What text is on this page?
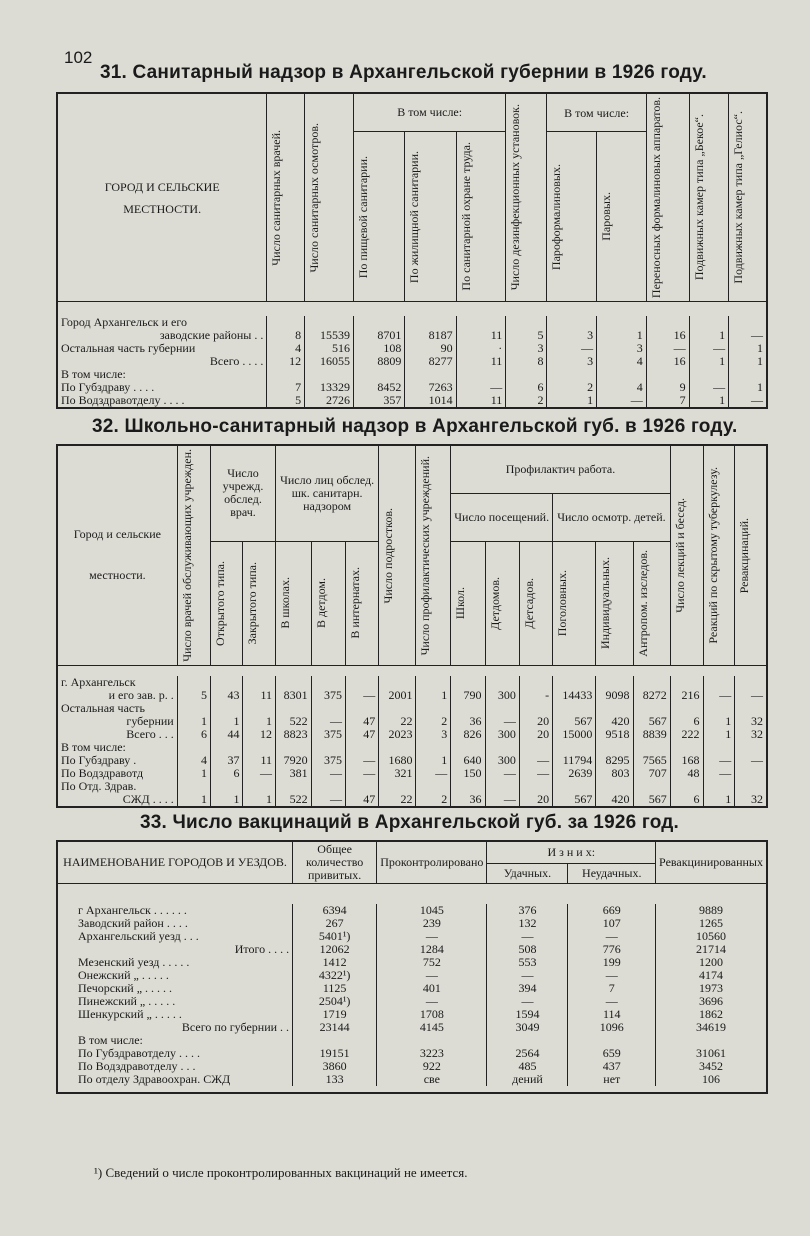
102
31. Санитарный надзор в Архангельской губернии в 1926 году.
ГОРОД И СЕЛЬСКИЕ МЕСТНОСТИ.	Число санитарных врачей.	Число санитарных осмотров.	В том числе:			Число дезинфекционных установок.	В том числе:		Переносных формалиновых аппаратов.	Подвижных камер типа „Бекое“.	Подвижных камер типа „Гелиос“.

			По пищевой санитарии.	По жилищной санитарии.	По санитарной охране труда.		Пароформалиновых.	Паровых.			

Город Архангельск и его
заводские районы . .	8	15539	8701	8187	11	5	3	1	16	1	—

Остальная часть губернии	4	516	108	90	·	3	—	3	—	—	1

Всего . . . .	12	16055	8809	8277	11	8	3	4	16	1	1

В том числе:											

По Губздраву . . . .	7	13329	8452	7263	—	6	2	4	9	—	1

По Водздравотделу . . . .	5	2726	357	1014	11	2	1	—	7	1	—
32. Школьно-санитарный надзор в Архангельской губ. в 1926 году.
Город и сельские
местности.	Число врачей обслуживающих учрежден.	Число учрежд. обслед. врач.		Число лиц обслед. шк. санитарн. надзором			Число подростков.	Число профилактических учреждений.	Профилактич работа.						Число лекций и бесед.	Реакций по скрытому туберкулезу.	Ревакцинаций.

									Число посещений.			Число осмотр. детей.					

		Открытого типа.	Закрытого типа.	В школах.	В детдом.	В интернатах.			Школ.	Детдомов.	Детсадов.	Поголовных.	Индивидуальных.	Антропом. изследов.			

г. Архангельск
и его зав. р. .	5	43	11	8301	375	—	2001	1	790	300	-	14433	9098	8272	216	—	—

Остальная часть
губернии	1	1	1	522	—	47	22	2	36	—	20	567	420	567	6	1	32

Всего . . .	6	44	12	8823	375	47	2023	3	826	300	20	15000	9518	8839	222	1	32

В том числе:																	

По Губздраву .	4	37	11	7920	375	—	1680	1	640	300	—	11794	8295	7565	168	—	—

По Водздравотд	1	6	—	381	—	—	321	—	150	—	—	2639	803	707	48	—	

По Отд. Здрав.
СЖД . . . .	1	1	1	522	—	47	22	2	36	—	20	567	420	567	6	1	32
33. Число вакцинаций в Архангельской губ. за 1926 год.
НАИМЕНОВАНИЕ ГОРОДОВ И УЕЗДОВ.	Общее количество привитых.	Проконтролировано	И з н и х:		Ревакцинированных
			Удачных.	Неудачных.	

г Архангельск . . . . . .	6394	1045	376	669	9889
Заводский район . . . .	267	239	132	107	1265
Архангельский уезд . . .	5401¹)	—	—	—	10560
Итого . . . .	12062	1284	508	776	21714

Мезенский уезд . . . . .	1412	752	553	199	1200
Онежский „ . . . . .	4322¹)	—	—	—	4174
Печорский „ . . . . .	1125	401	394	7	1973
Пинежский „ . . . . .	2504¹)	—	—	—	3696
Шенкурский „ . . . . .	1719	1708	1594	114	1862
Всего по губернии . .	23144	4145	3049	1096	34619

В том числе:					
По Губздравотделу . . . .	19151	3223	2564	659	31061
По Водздравотделу . . .	3860	922	485	437	3452
По отделу Здравоохран. СЖД	133	све	дений	нет	106

¹) Сведений о числе проконтролированных вакцинаций не имеется.
